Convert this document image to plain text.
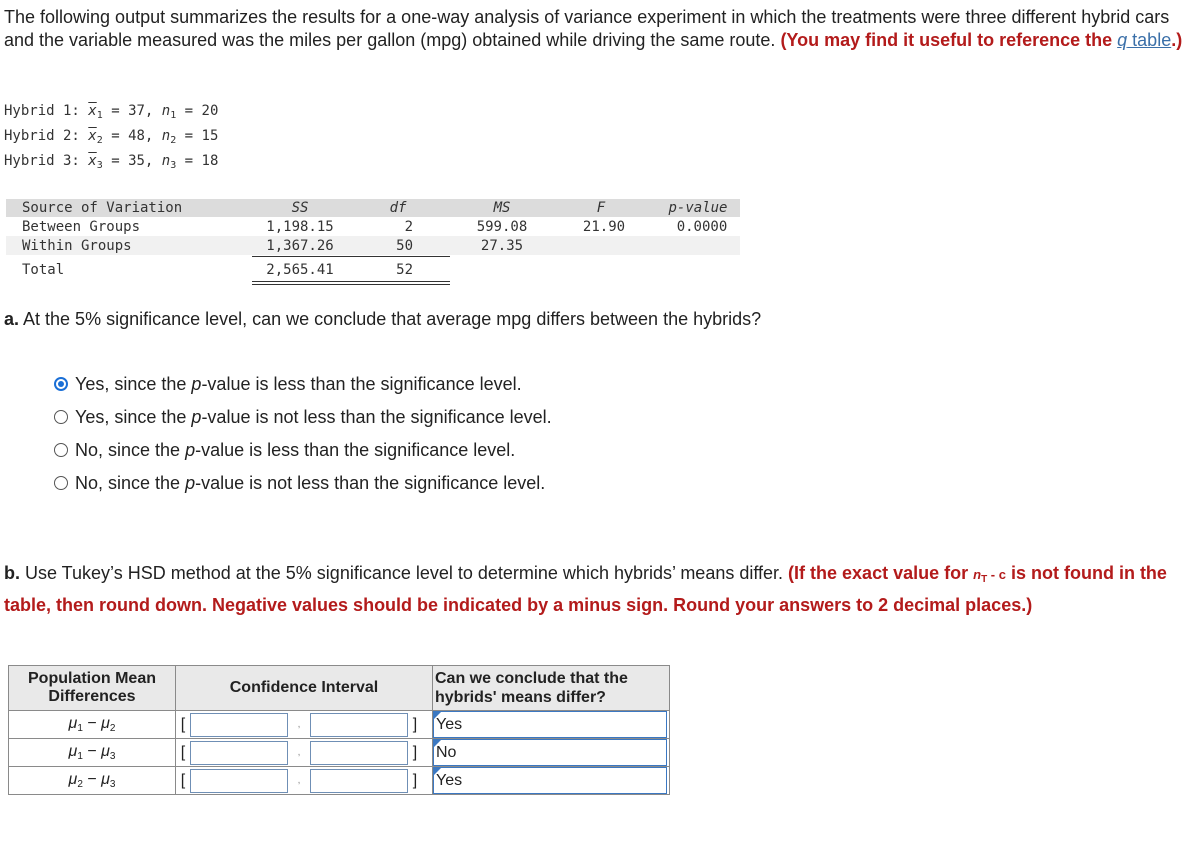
The following output summarizes the results for a one-way analysis of variance experiment in which the treatments were three different hybrid cars and the variable measured was the miles per gallon (mpg) obtained while driving the same route. (You may find it useful to reference the q table.)
Hybrid 1: $\overline{x}_1 = 37$, $n_1 = 20$
Hybrid 2: $\overline{x}_2 = 48$, $n_2 = 15$
Hybrid 3: $\overline{x}_3 = 35$, $n_3 = 18$
Source of Variation	SS	df	MS	F	p-value
Between Groups	1,198.15	2	599.08	21.90	0.0000
Within Groups	1,367.26	50	27.35
Total	2,565.41	52
a. At the 5% significance level, can we conclude that average mpg differs between the hybrids?
Yes, since the p-value is less than the significance level.
Yes, since the p-value is not less than the significance level.
No, since the p-value is less than the significance level.
No, since the p-value is not less than the significance level.
b. Use Tukey’s HSD method at the 5% significance level to determine which hybrids’ means differ. (If the exact value for $n_T$ - c is not found in the table, then round down. Negative values should be indicated by a minus sign. Round your answers to 2 decimal places.)
Population Mean Differences	Confidence Interval	Can we conclude that the hybrids' means differ?
$\mu_1 - \mu_2$	[ , ]	Yes

$\mu_1 - \mu_3$	[ , ]	No

$\mu_2 - \mu_3$	[ , ]	Yes
